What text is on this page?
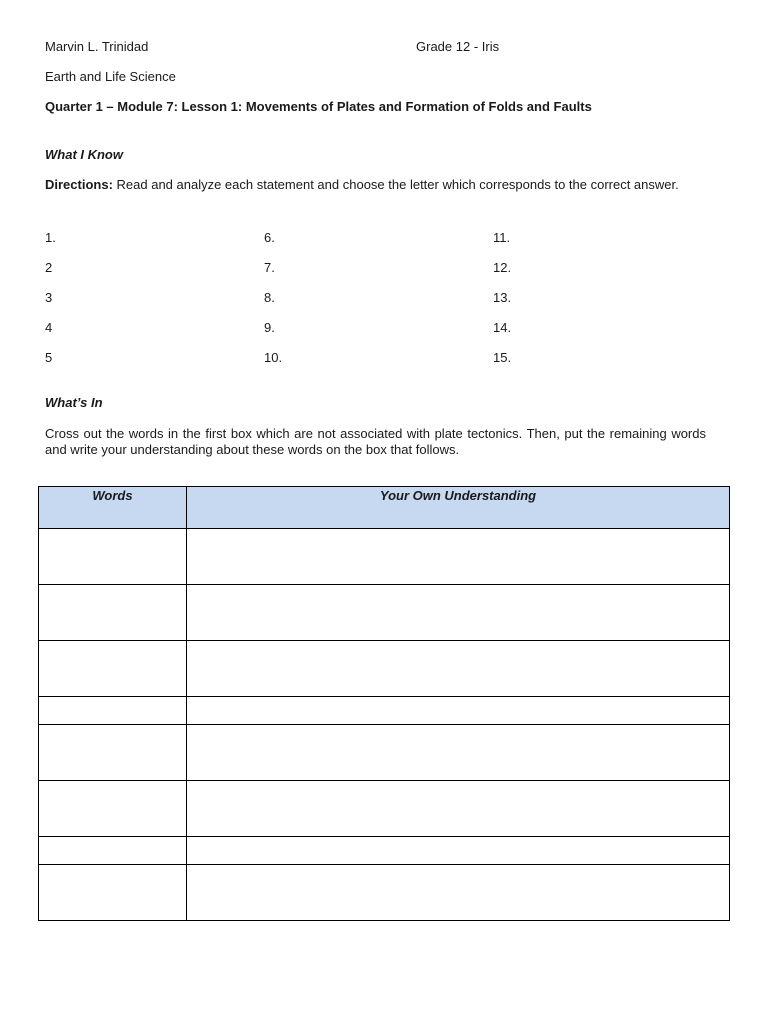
Marvin L. Trinidad	Grade 12 - Iris
Earth and Life Science
Quarter 1 – Module 7: Lesson 1: Movements of Plates and Formation of Folds and Faults
What I Know
Directions: Read and analyze each statement and choose the letter which corresponds to the correct answer.
1.
2
3
4
5
6.
7.
8.
9.
10.
11.
12.
13.
14.
15.
What’s In
Cross out the words in the first box which are not associated with plate tectonics. Then, put the remaining words and write your understanding about these words on the box that follows.
Words	Your Own Understanding
